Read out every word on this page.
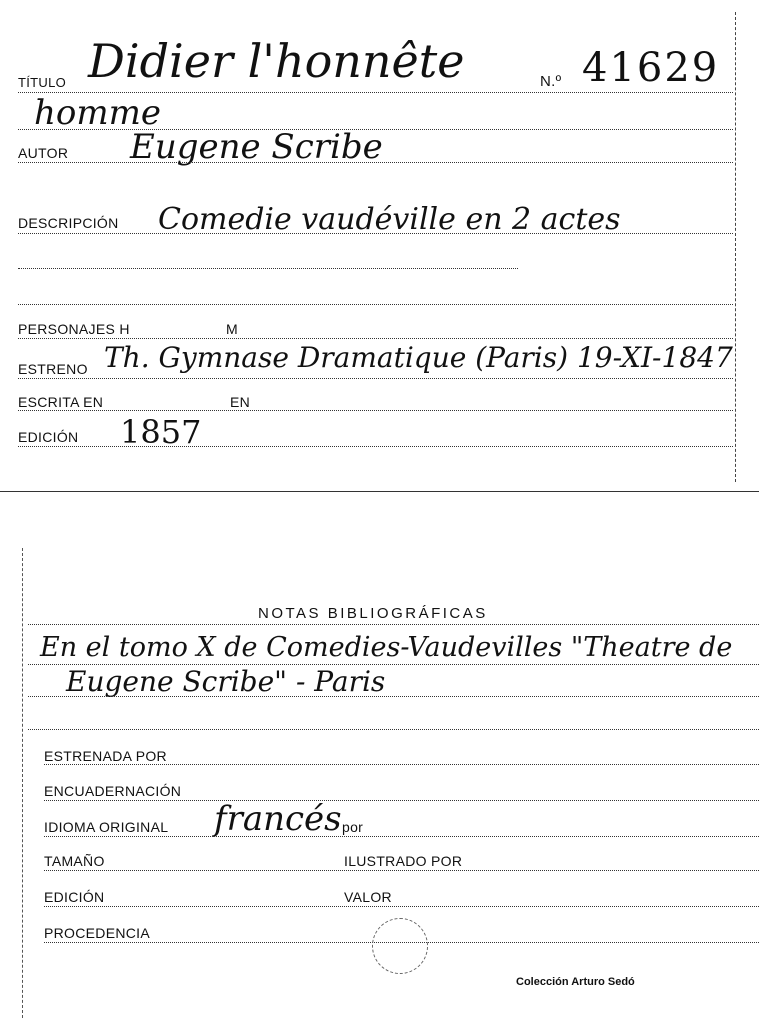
TÍTULO Didier l'honnête	N.º 41629
homme
AUTOR Eugene Scribe
DESCRIPCIÓN Comedie vaudéville en 2 actes
PERSONAJES H	M
ESTRENO Th. Gymnase Dramatique (Paris) 19-XI-1847
ESCRITA EN	EN
EDICIÓN 1857
NOTAS BIBLIOGRÁFICAS
En el tomo X de Comedies-Vaudevilles "Theatre de
Eugene Scribe" - Paris
ESTRENADA POR
ENCUADERNACIÓN
IDIOMA ORIGINAL francés por
TAMAÑO	ILUSTRADO POR
EDICIÓN	VALOR
PROCEDENCIA
Colección Arturo Sedó
